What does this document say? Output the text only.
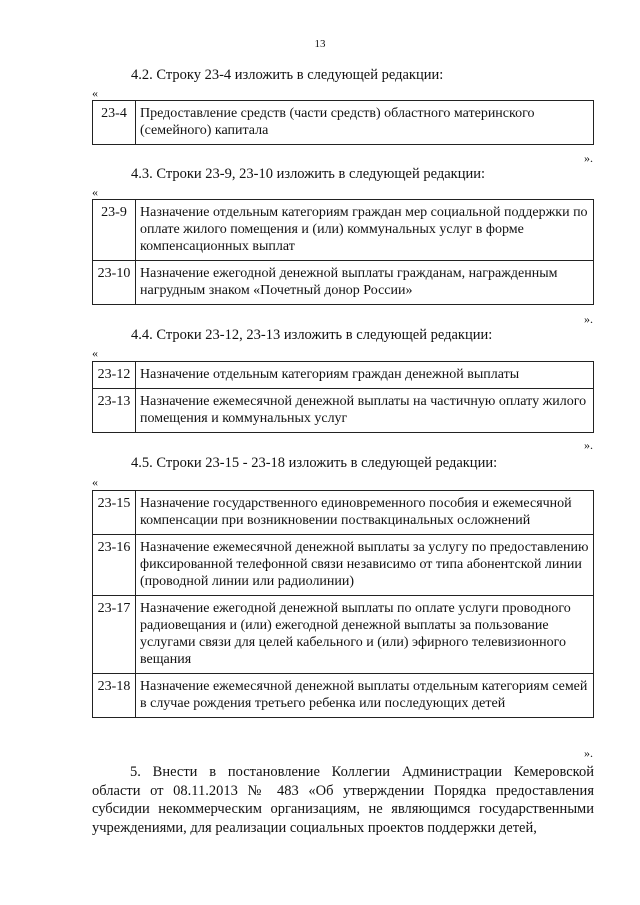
13
4.2. Строку 23-4 изложить в следующей редакции:
«
23-4	Предоставление средств (части средств) областного материнского (семейного) капитала
».
4.3. Строки 23-9, 23-10 изложить в следующей редакции:
«
23-9	Назначение отдельным категориям граждан мер социальной поддержки по оплате жилого помещения и (или) коммунальных услуг в форме компенсационных выплат
23-10	Назначение ежегодной денежной выплаты гражданам, награжденным нагрудным знаком «Почетный донор России»
».
4.4. Строки 23-12, 23-13 изложить в следующей редакции:
«
23-12	Назначение отдельным категориям граждан денежной выплаты
23-13	Назначение ежемесячной денежной выплаты на частичную оплату жилого помещения и коммунальных услуг
».
4.5. Строки 23-15 - 23-18 изложить в следующей редакции:
«
23-15	Назначение государственного единовременного пособия и ежемесячной компенсации при возникновении поствакцинальных осложнений
23-16	Назначение ежемесячной денежной выплаты за услугу по предоставлению фиксированной телефонной связи независимо от типа абонентской линии (проводной линии или радиолинии)
23-17	Назначение ежегодной денежной выплаты по оплате услуги проводного радиовещания и (или) ежегодной денежной выплаты за пользование услугами связи для целей кабельного и (или) эфирного телевизионного вещания
23-18	Назначение ежемесячной денежной выплаты отдельным категориям семей в случае рождения третьего ребенка или последующих детей
».
5. Внести в постановление Коллегии Администрации Кемеровской области от 08.11.2013 № 483 «Об утверждении Порядка предоставления субсидии некоммерческим организациям, не являющимся государственными учреждениями, для реализации социальных проектов поддержки детей,
